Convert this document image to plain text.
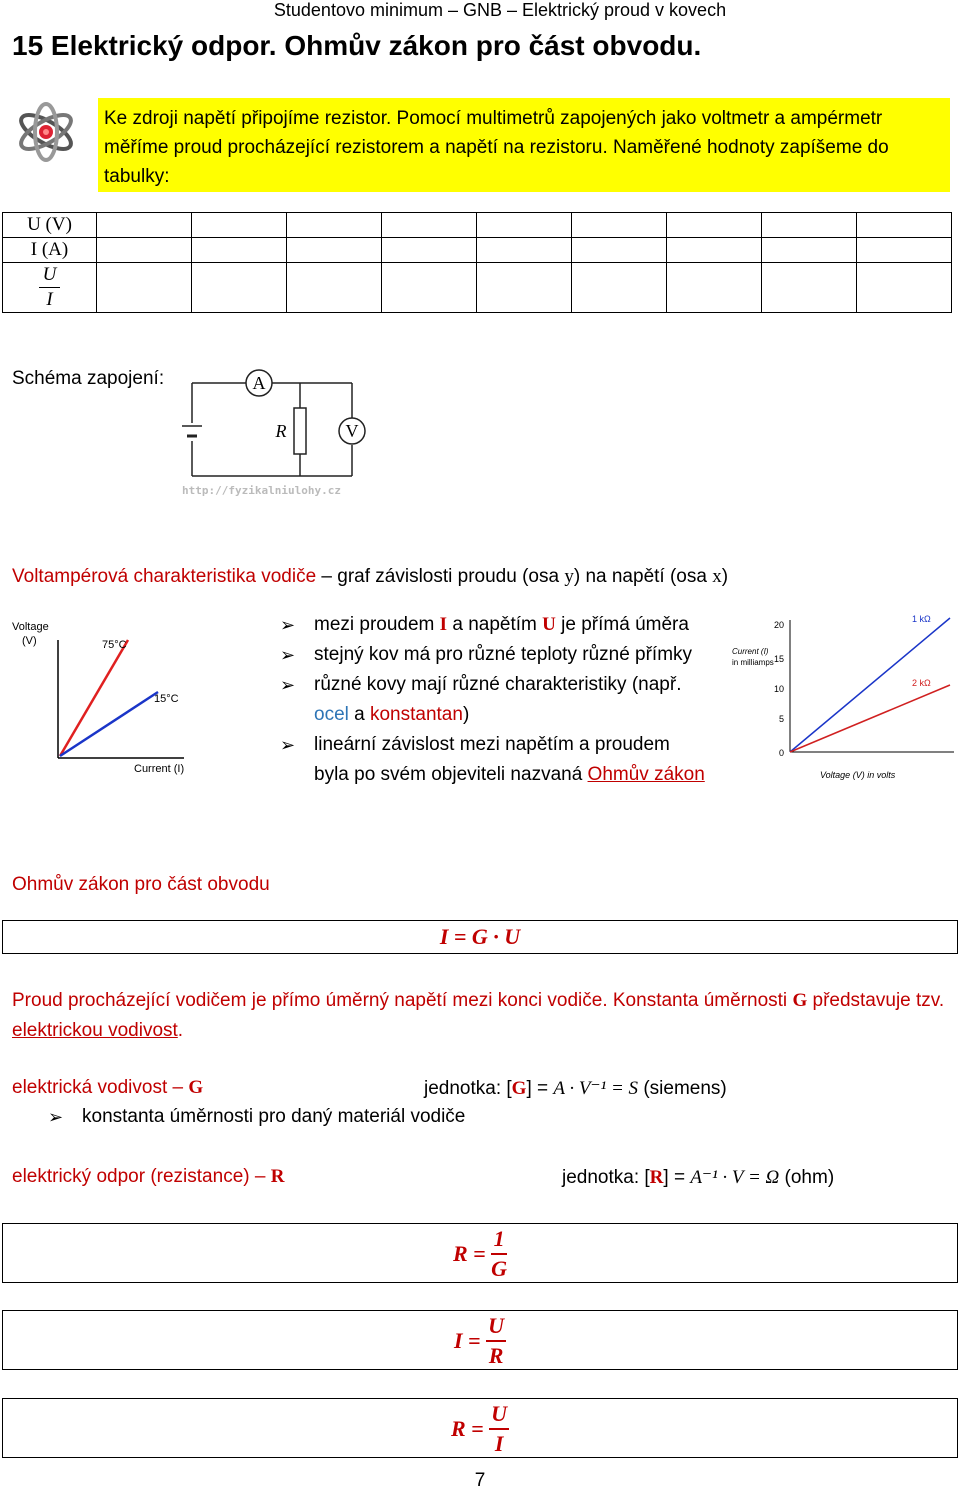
Studentovo minimum – GNB – Elektrický proud v kovech
15 Elektrický odpor. Ohmův zákon pro část obvodu.
Ke zdroji napětí připojíme rezistor. Pomocí multimetrů zapojených jako voltmetr a ampérmetr měříme proud procházející rezistorem a napětí na rezistoru. Naměřené hodnoty zapíšeme do tabulky:
U (V)									
I (A)									

$\frac{U}{I}$

Schéma zapojení:	A
R	V
http://fyzikalniulohy.cz
Voltampérová charakteristika vodiče – graf závislosti proudu (osa y) na napětí (osa x)
Voltage
(V)	75°C
15°C
Current (I)
➢ mezi proudem I a napětím U je přímá úměra
➢ stejný kov má pro různé teploty různé přímky
➢ různé kovy mají různé charakteristiky (např.
ocel a konstantan)
➢ lineární závislost mezi napětím a proudem
byla po svém objeviteli nazvaná Ohmův zákon
20
15
10
5
0
Current (I)
in milliamps
1 kΩ
2 kΩ
Voltage (V) in volts
Ohmův zákon pro část obvodu
I = G · U
Proud procházející vodičem je přímo úměrný napětí mezi konci vodiče. Konstanta úměrnosti G představuje tzv. elektrickou vodivost.
elektrická vodivost – G	jednotka: [G] = A · V⁻¹ = S (siemens)
➢ konstanta úměrnosti pro daný materiál vodiče
elektrický odpor (rezistance) – R	jednotka: [R] = A⁻¹ · V = Ω (ohm)
$R = \frac{1}{G}$
$I = \frac{U}{R}$
$R = \frac{U}{I}$
7
